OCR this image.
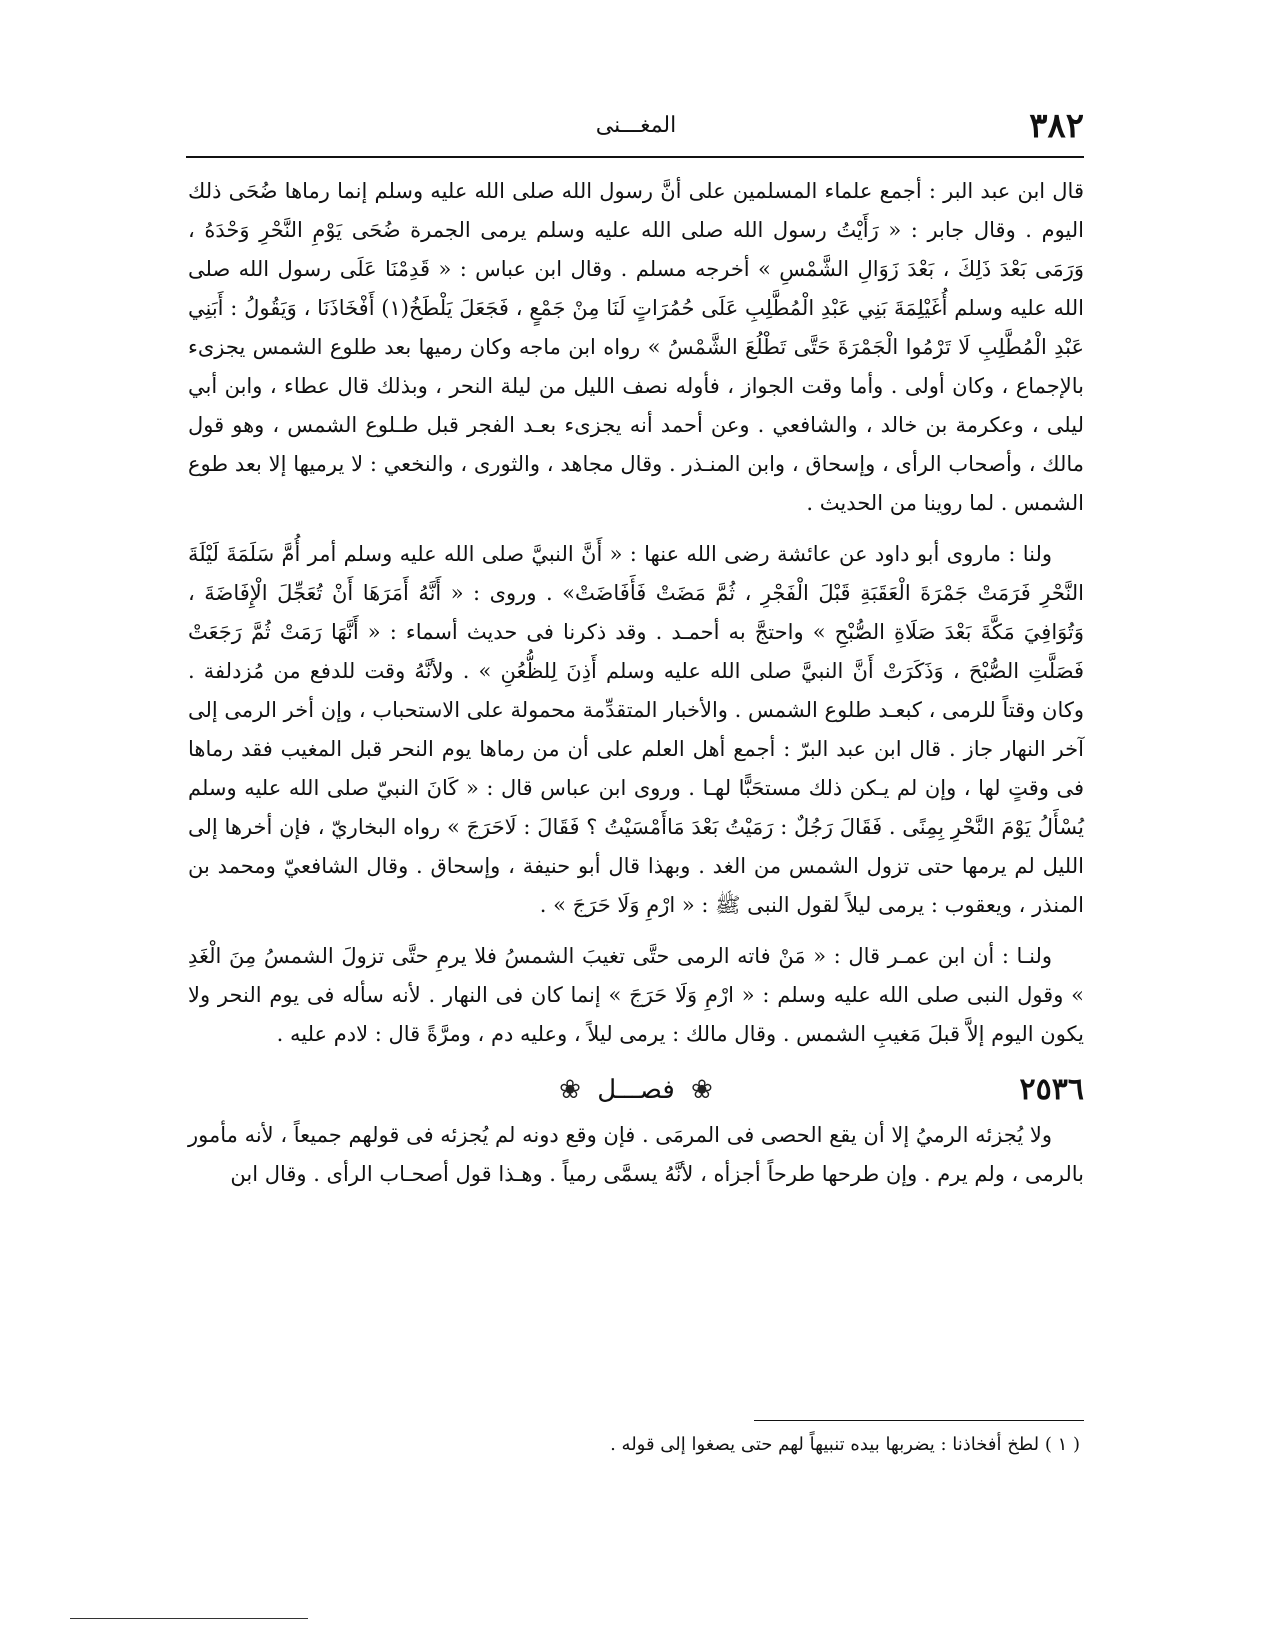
٣٨٢
المغـــنى

قال ابن عبد البر : أجمع علماء المسلمين على أنَّ رسول الله صلى الله عليه وسلم إنما رماها ضُحَى ذلك اليوم . وقال جابر : « رَأَيْتُ رسول الله صلى الله عليه وسلم يرمى الجمرة ضُحَى يَوْمِ النَّحْرِ وَحْدَهُ ، وَرَمَى بَعْدَ ذَلِكَ ، بَعْدَ زَوَالِ الشَّمْسِ » أخرجه مسلم . وقال ابن عباس : « قَدِمْنَا عَلَى رسول الله صلى الله عليه وسلم أُغَيْلِمَةَ بَنِي عَبْدِ الْمُطَّلِبِ عَلَى حُمُرَاتٍ لَنَا مِنْ جَمْعٍ ، فَجَعَلَ يَلْطَخُ(١) أَفْخَاذَنَا ، وَيَقُولُ : أَبَنِي عَبْدِ الْمُطَّلِبِ لَا تَرْمُوا الْجَمْرَةَ حَتَّى تَطْلُعَ الشَّمْسُ » رواه ابن ماجه وكان رميها بعد طلوع الشمس يجزىء بالإجماع ، وكان أولى . وأما وقت الجواز ، فأوله نصف الليل من ليلة النحر ، وبذلك قال عطاء ، وابن أبي ليلى ، وعكرمة بن خالد ، والشافعي . وعن أحمد أنه يجزىء بعـد الفجر قبل طـلوع الشمس ، وهو قول مالك ، وأصحاب الرأى ، وإسحاق ، وابن المنـذر . وقال مجاهد ، والثورى ، والنخعي : لا يرميها إلا بعد طوع الشمس . لما روينا من الحديث .

ولنا : ماروى أبو داود عن عائشة رضى الله عنها : « أَنَّ النبيَّ صلى الله عليه وسلم أمر أُمَّ سَلَمَةَ لَيْلَةَ النَّحْرِ فَرَمَتْ جَمْرَةَ الْعَقَبَةِ قَبْلَ الْفَجْرِ ، ثُمَّ مَضَتْ فَأَفَاضَتْ» . وروى : « أَنَّهُ أَمَرَهَا أَنْ تُعَجِّلَ الْإِفَاضَةَ ، وَتُوَافِيَ مَكَّةَ بَعْدَ صَلَاةِ الصُّبْحِ » واحتجَّ به أحمـد . وقد ذكرنا فى حديث أسماء : « أَنَّهَا رَمَتْ ثُمَّ رَجَعَتْ فَصَلَّتِ الصُّبْحَ ، وَذَكَرَتْ أَنَّ النبيَّ صلى الله عليه وسلم أَذِنَ لِلظُّعُنِ » . ولأنَّهُ وقت للدفع من مُزدلفة . وكان وقتاً للرمى ، كبعـد طلوع الشمس . والأخبار المتقدِّمة محمولة على الاستحباب ، وإن أخر الرمى إلى آخر النهار جاز . قال ابن عبد البرّ : أجمع أهل العلم على أن من رماها يوم النحر قبل المغيب فقد رماها فى وقتٍ لها ، وإن لم يـكن ذلك مستحَبًّا لهـا . وروى ابن عباس قال : « كَانَ النبيّ صلى الله عليه وسلم يُسْأَلُ يَوْمَ النَّحْرِ بِمِنًى . فَقَالَ رَجُلٌ : رَمَيْتُ بَعْدَ مَاأَمْسَيْتُ ؟ فَقَالَ : لَاحَرَجَ » رواه البخاريّ ، فإن أخرها إلى الليل لم يرمها حتى تزول الشمس من الغد . وبهذا قال أبو حنيفة ، وإسحاق . وقال الشافعيّ ومحمد بن المنذر ، ويعقوب : يرمى ليلاً لقول النبى ﷺ : « ارْمِ وَلَا حَرَجَ » .

ولنـا : أن ابن عمـر قال : « مَنْ فاته الرمى حتَّى تغيبَ الشمسُ فلا يرمِ حتَّى تزولَ الشمسُ مِنَ الْغَدِ » وقول النبى صلى الله عليه وسلم : « ارْمِ وَلَا حَرَجَ » إنما كان فى النهار . لأنه سأله فى يوم النحر ولا يكون اليوم إلاَّ قبلَ مَغيبِ الشمس . وقال مالك : يرمى ليلاً ، وعليه دم ، ومرَّةً قال : لادم عليه .

٢٥٣٦
❀ فصـــل ❀

ولا يُجزئه الرميُ إلا أن يقع الحصى فى المرمَى . فإن وقع دونه لم يُجزئه فى قولهم جميعاً ، لأنه مأمور بالرمى ، ولم يرم . وإن طرحها طرحاً أجزأه ، لأنَّهُ يسمَّى رمياً . وهـذا قول أصحـاب الرأى . وقال ابن

( ١ ) لطخ أفخاذنا : يضربها بيده تنبيهاً لهم حتى يصغوا إلى قوله .
